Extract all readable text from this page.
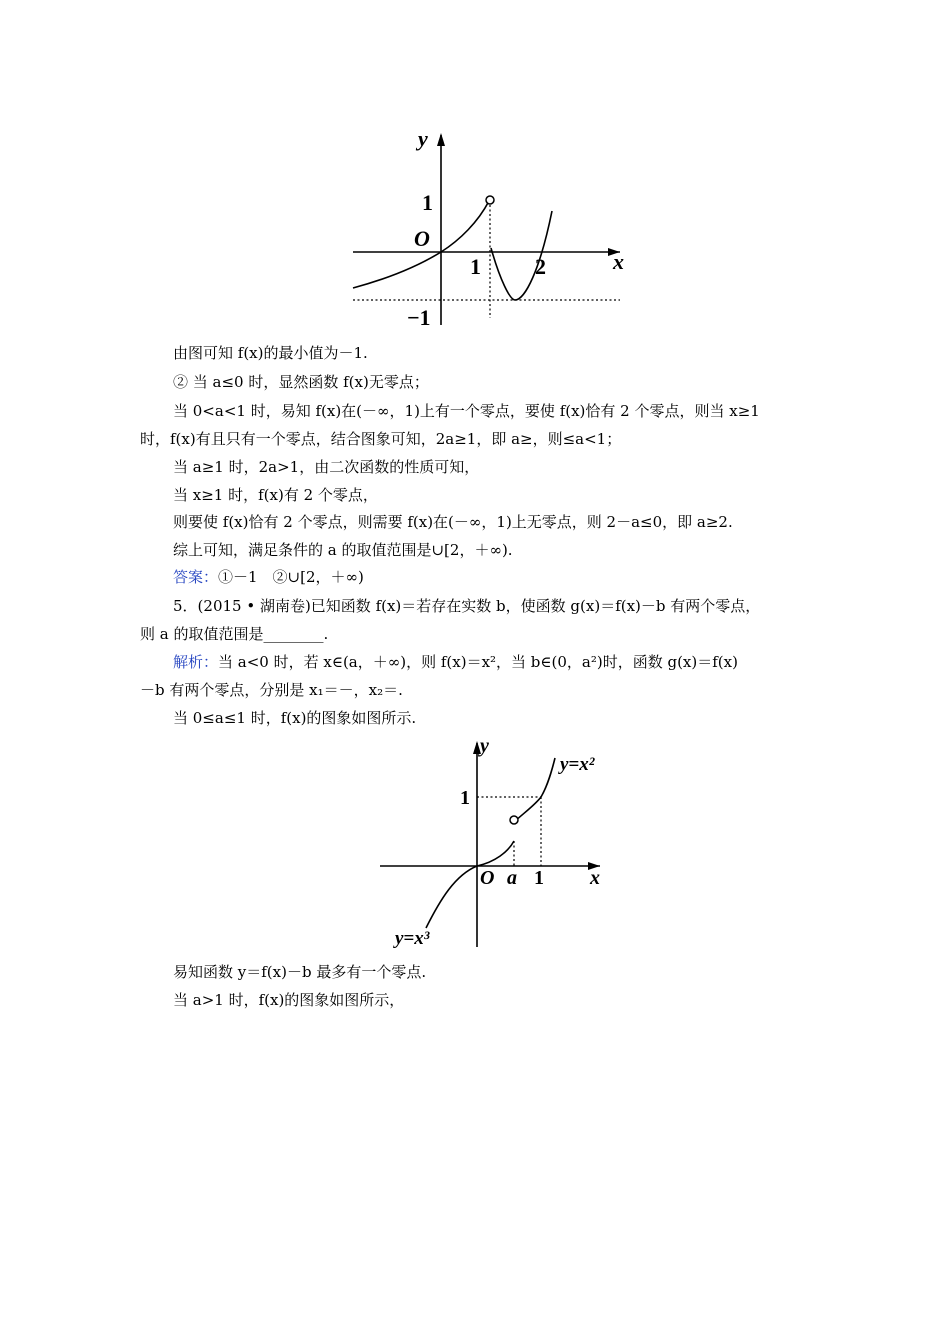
y
x
O
1
1 2
−1
由图可知 f(x)的最小值为－1.
② 当 a≤0 时，显然函数 f(x)无零点；
当 0<a<1 时，易知 f(x)在(－∞，1)上有一个零点，要使 f(x)恰有 2 个零点，则当 x≥1
时，f(x)有且只有一个零点，结合图象可知，2a≥1，即 a≥，则≤a<1；
当 a≥1 时，2a>1，由二次函数的性质可知，
当 x≥1 时，f(x)有 2 个零点，
则要使 f(x)恰有 2 个零点，则需要 f(x)在(－∞，1)上无零点，则 2－a≤0，即 a≥2.
综上可知，满足条件的 a 的取值范围是∪[2，＋∞).
答案：①－1　②∪[2，＋∞)
5．(2015 • 湖南卷)已知函数 f(x)＝若存在实数 b，使函数 g(x)＝f(x)－b 有两个零点，
则 a 的取值范围是________.
解析：当 a<0 时，若 x∈(a，＋∞)，则 f(x)＝x²，当 b∈(0，a²)时，函数 g(x)＝f(x)
－b 有两个零点，分别是 x₁＝－，x₂＝.
当 0≤a≤1 时，f(x)的图象如图所示.
y
x
O a 1
1
y=x²
y=x³
易知函数 y＝f(x)－b 最多有一个零点.
当 a>1 时，f(x)的图象如图所示，
